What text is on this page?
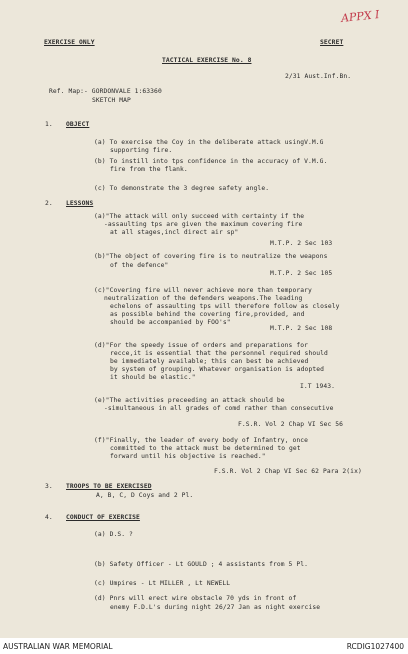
APPX I
EXERCISE ONLY	SECRET
TACTICAL EXERCISE No. 8
2/31 Aust.Inf.Bn.
Ref. Map:- GORDONVALE 1:63360
SKETCH MAP
1. OBJECT
(a) To exercise the Coy in the deliberate attack usingV.M.G
supporting fire.
(b) To instill into tps confidence in the accuracy of V.M.G.
fire from the flank.
(c) To demonstrate the 3 degree safety angle.
2. LESSONS
(a)"The attack will only succeed with certainty if the
-assaulting tps are given the maximum covering fire
at all stages,incl direct air sp"
M.T.P. 2 Sec 103
(b)"The object of covering fire is to neutralize the weapons
of the defence"
M.T.P. 2 Sec 105
(c)"Covering fire will never achieve more than temporary
neutralization of the defenders weapons.The leading
echelons of assaulting tps will therefore follow as closely
as possible behind the covering fire,provided, and
should be accompanied by FOO's"
M.T.P. 2 Sec 108
(d)"For the speedy issue of orders and preparations for
recce,it is essential that the personnel required should
be immediately available; this can best be achieved
by system of grouping. Whatever organisation is adopted
it should be elastic."
I.T 1943.
(e)"The activities preceeding an attack should be
-simultaneous in all grades of comd rather than consecutive
F.S.R. Vol 2 Chap VI Sec 56
(f)"Finally, the leader of every body of Infantry, once
committed to the attack must be determined to get
forward until his objective is reached."
F.S.R. Vol 2 Chap VI Sec 62 Para 2(ix)
3. TROOPS TO BE EXERCISED
A, B, C, D Coys and 2 Pl.
4. CONDUCT OF EXERCISE
(a) D.S. ?
(b) Safety Officer - Lt GOULD ; 4 assistants from 5 Pl.
(c) Umpires - Lt MILLER , Lt NEWELL
(d) Pnrs will erect wire obstacle 70 yds in front of
enemy F.D.L's during night 26/27 Jan as night exercise
AUSTRALIAN WAR MEMORIAL	RCDIG1027400
